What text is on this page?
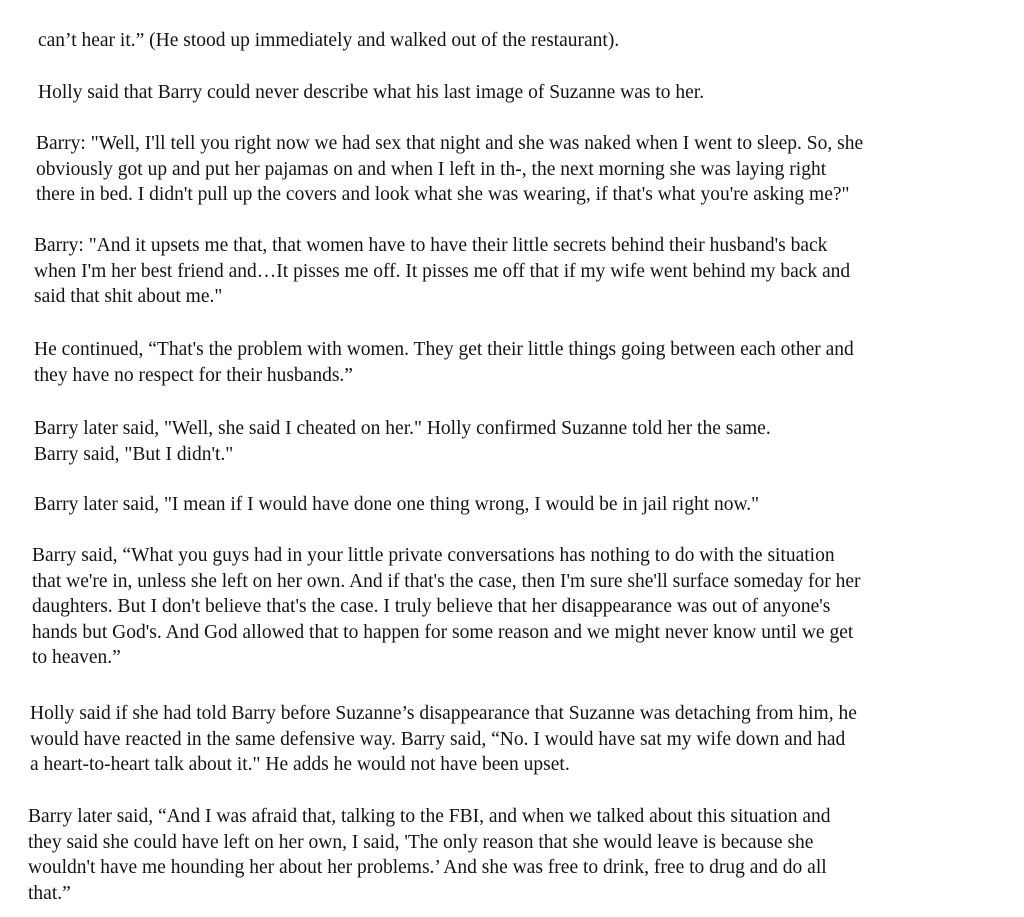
can’t hear it.” (He stood up immediately and walked out of the restaurant).

Holly said that Barry could never describe what his last image of Suzanne was to her.

Barry: "Well, I'll tell you right now we had sex that night and she was naked when I went to sleep. So, she
obviously got up and put her pajamas on and when I left in th-, the next morning she was laying right
there in bed. I didn't pull up the covers and look what she was wearing, if that's what you're asking me?"

Barry: "And it upsets me that, that women have to have their little secrets behind their husband's back
when I'm her best friend and…It pisses me off. It pisses me off that if my wife went behind my back and
said that shit about me."

He continued, “That's the problem with women. They get their little things going between each other and
they have no respect for their husbands.”

Barry later said, "Well, she said I cheated on her." Holly confirmed Suzanne told her the same.
Barry said, "But I didn't."

Barry later said, "I mean if I would have done one thing wrong, I would be in jail right now."

Barry said, “What you guys had in your little private conversations has nothing to do with the situation
that we're in, unless she left on her own. And if that's the case, then I'm sure she'll surface someday for her
daughters. But I don't believe that's the case. I truly believe that her disappearance was out of anyone's
hands but God's. And God allowed that to happen for some reason and we might never know until we get
to heaven.”

Holly said if she had told Barry before Suzanne’s disappearance that Suzanne was detaching from him, he
would have reacted in the same defensive way. Barry said, “No. I would have sat my wife down and had
a heart-to-heart talk about it." He adds he would not have been upset.

Barry later said, “And I was afraid that, talking to the FBI, and when we talked about this situation and
they said she could have left on her own, I said, 'The only reason that she would leave is because she
wouldn't have me hounding her about her problems.’ And she was free to drink, free to drug and do all
that.”
